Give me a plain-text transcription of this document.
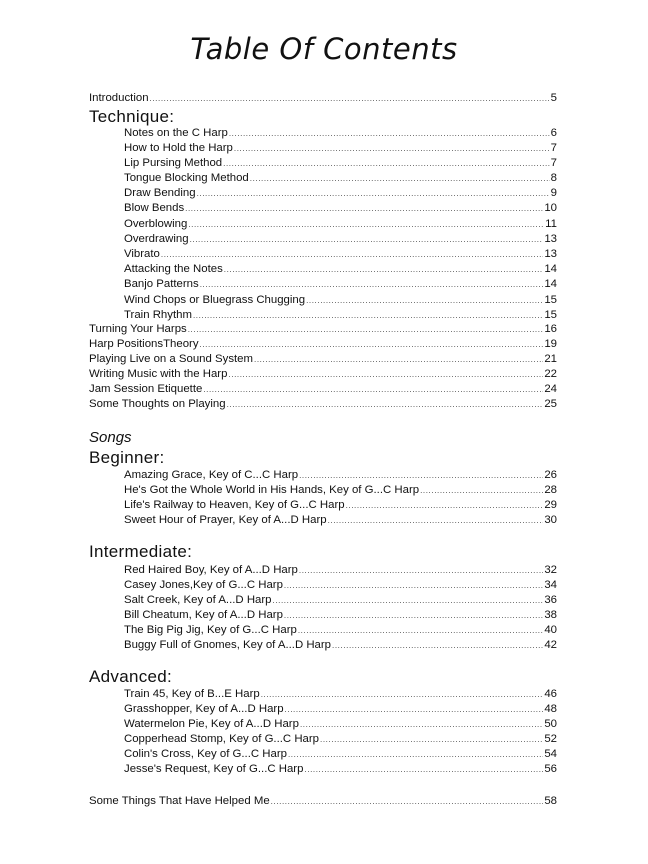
Table Of Contents
Introduction .....	5
Technique:
Notes on the C Harp .....	6
How to Hold the Harp .....	7
Lip Pursing Method .....	7
Tongue Blocking Method .....	8
Draw Bending .....	9
Blow Bends .....	10
Overblowing .....	11
Overdrawing .....	13
Vibrato .....	13
Attacking the Notes .....	14
Banjo Patterns .....	14
Wind Chops or Bluegrass Chugging .....	15
Train Rhythm .....	15
Turning Your Harps .....	16
Harp PositionsTheory .....	19
Playing Live on a Sound System .....	21
Writing Music with the Harp .....	22
Jam Session Etiquette .....	24
Some Thoughts on Playing .....	25
Songs
Beginner:
Amazing Grace, Key of C...C Harp .....	26
He's Got the Whole World in His Hands, Key of G...C Harp .....	28
Life's Railway to Heaven, Key of G...C Harp .....	29
Sweet Hour of Prayer, Key of A...D Harp .....	30
Intermediate:
Red Haired Boy, Key of A...D Harp .....	32
Casey Jones,Key of G...C Harp .....	34
Salt Creek, Key of A...D Harp .....	36
Bill Cheatum, Key of A...D Harp .....	38
The Big Pig Jig, Key of G...C Harp .....	40
Buggy Full of Gnomes, Key of A...D Harp .....	42
Advanced:
Train 45, Key of B...E Harp .....	46
Grasshopper, Key of A...D Harp .....	48
Watermelon Pie, Key of A...D Harp .....	50
Copperhead Stomp, Key of G...C Harp .....	52
Colin's Cross, Key of G...C Harp .....	54
Jesse's Request, Key of G...C Harp .....	56
Some Things That Have Helped Me .....	58
